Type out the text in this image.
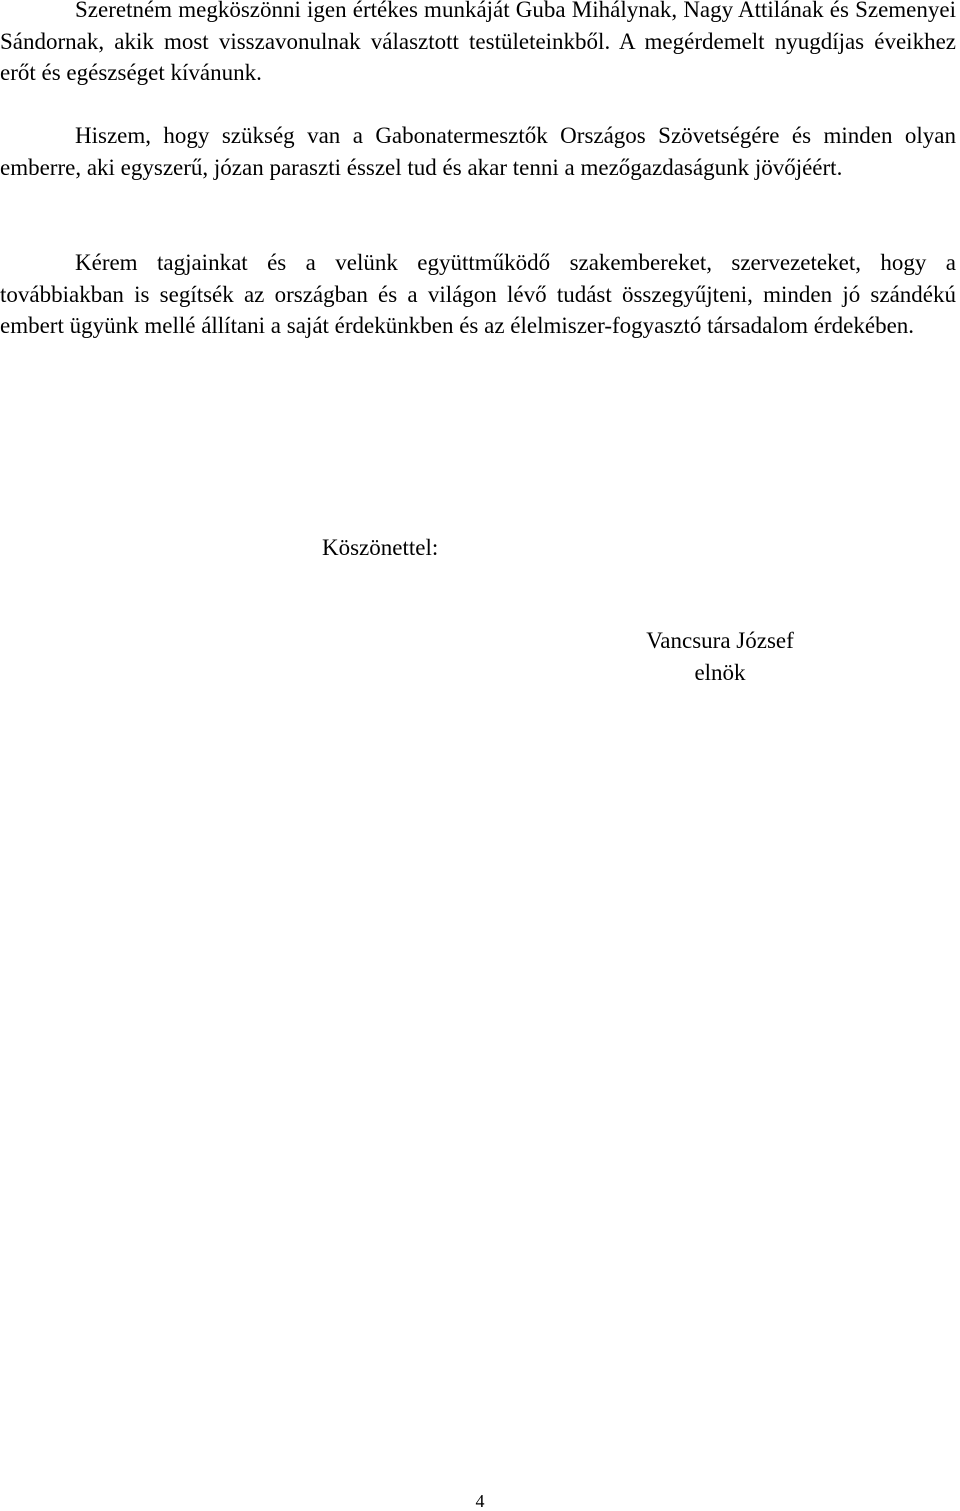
Szeretném megköszönni igen értékes munkáját Guba Mihálynak, Nagy Attilának és Szemenyei Sándornak, akik most visszavonulnak választott testületeinkből. A megérdemelt nyugdíjas éveikhez erőt és egészséget kívánunk.

Hiszem, hogy szükség van a Gabonatermesztők Országos Szövetségére és minden olyan emberre, aki egyszerű, józan paraszti ésszel tud és akar tenni a mezőgazdaságunk jövőjéért.

Kérem tagjainkat és a velünk együttműködő szakembereket, szervezeteket, hogy a továbbiakban is segítsék az országban és a világon lévő tudást összegyűjteni, minden jó szándékú embert ügyünk mellé állítani a saját érdekünkben és az élelmiszer-fogyasztó társadalom érdekében.

Köszönettel:

Vancsura József
elnök
4
